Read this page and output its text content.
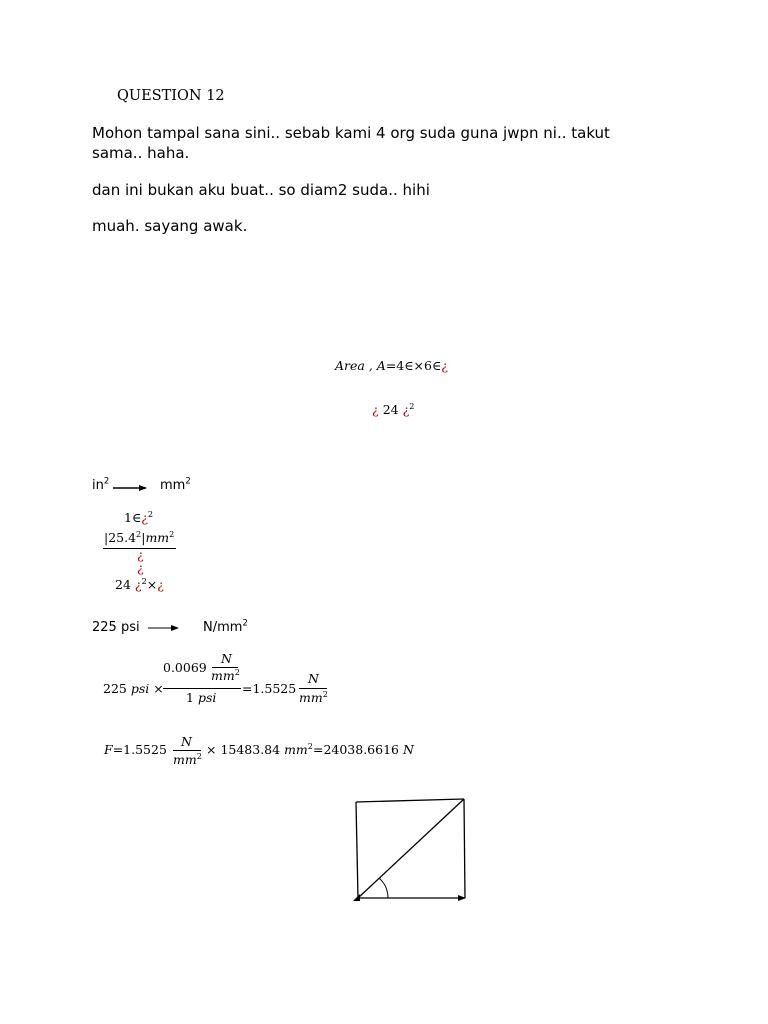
QUESTION 12
Mohon tampal sana sini.. sebab kami 4 org suda guna jwpn ni.. takut
sama.. haha.
dan ini bukan aku buat.. so diam2 suda.. hihi
muah. sayang awak.
Area , A=4∈×6∈¿
¿ 24 ¿$^2$
$in^2$	$mm^2$
1∈¿$^2$
$|25.4^2|mm^2$
¿
¿
24 ¿$^2$×¿
225 psi	$N/mm^2$
225 psi ×
0.0069
N
$mm^2$
1 psi
=1.5525
N
$mm^2$
F=1.5525
N
$mm^2 \times 15483.84$ $mm^2=24038.6616$ N
